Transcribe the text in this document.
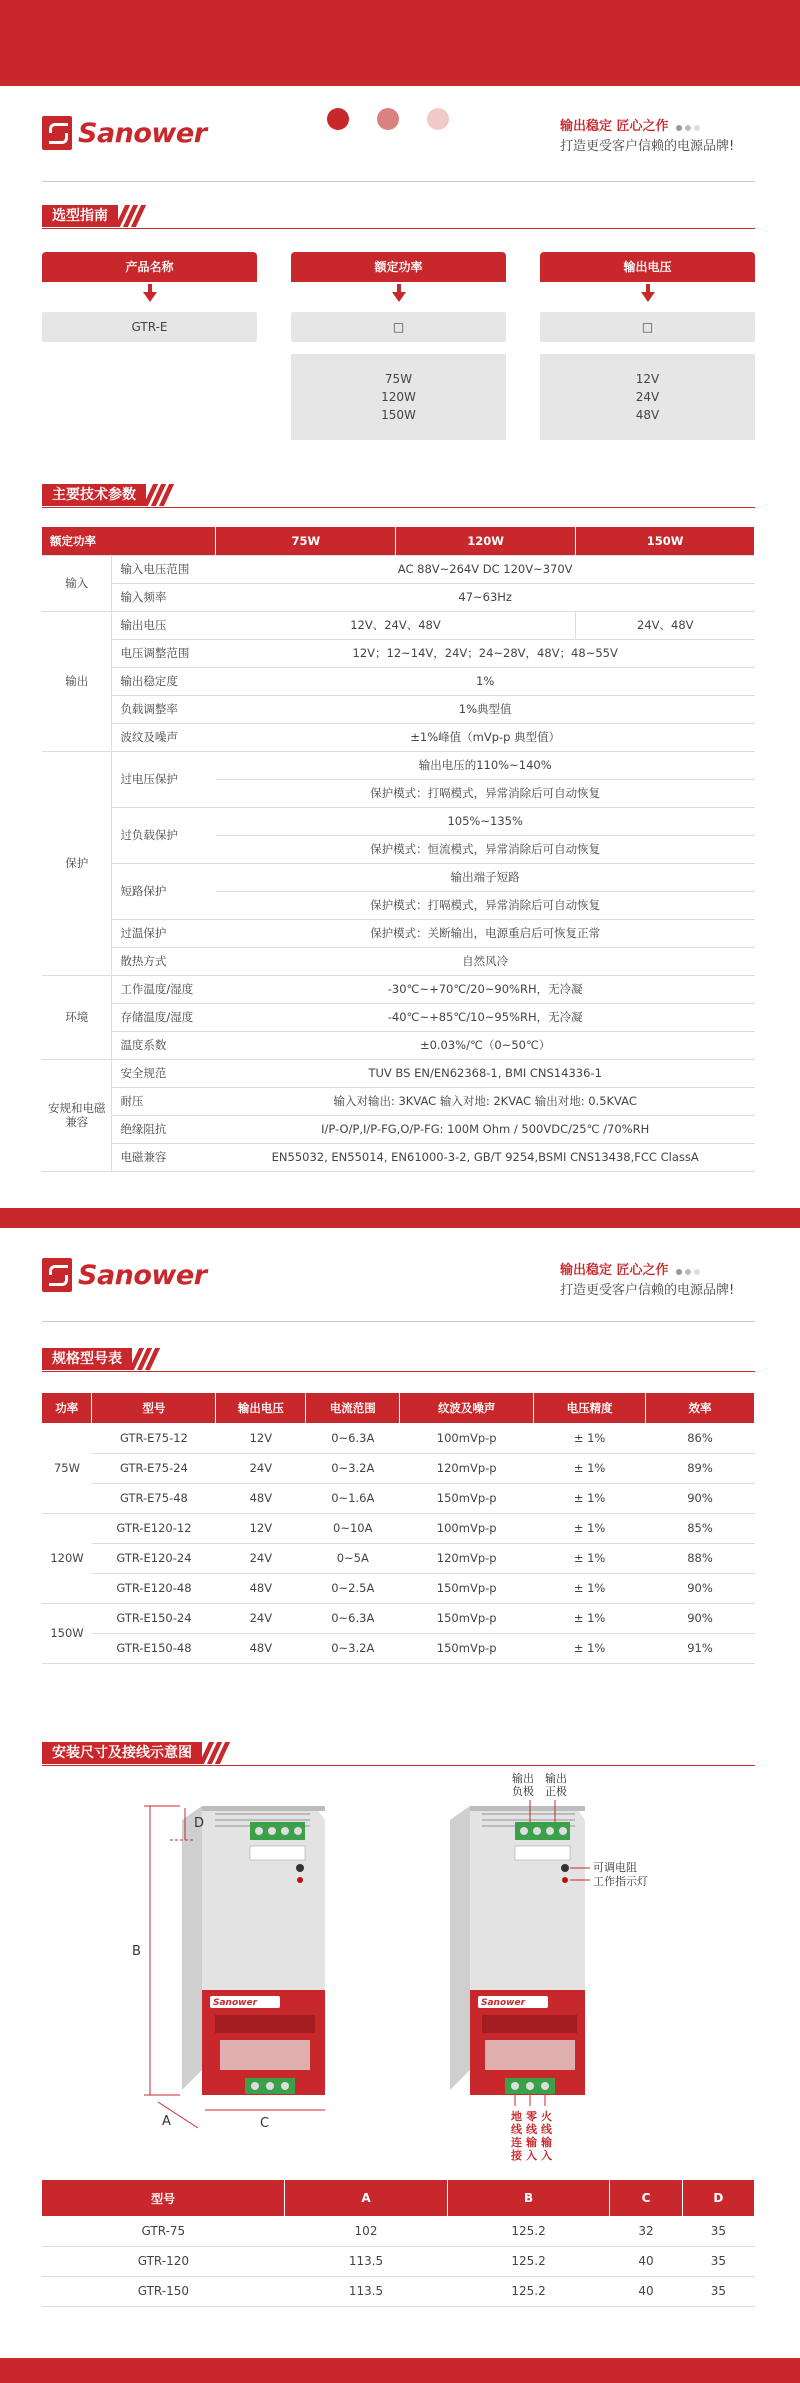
Sanower	输出稳定 匠心之作
打造更受客户信赖的电源品牌!
选型指南
产品名称
GTR-E
额定功率
□
75W
120W
150W
输出电压
□
12V
24V
48V
主要技术参数
额定功率		75W	120W	150W
输入	输入电压范围	AC 88V~264V DC 120V~370V		
	输入频率	47~63Hz		
输出	输出电压	12V、24V、48V		24V、48V
	电压调整范围	12V；12~14V，24V；24~28V，48V；48~55V		
	输出稳定度	1%		
	负载调整率	1%典型值		
	波纹及噪声	±1%峰值（mVp-p 典型值）		
保护	过电压保护	输出电压的110%~140%		
		保护模式：打嗝模式，异常消除后可自动恢复		
	过负载保护	105%~135%		
		保护模式：恒流模式，异常消除后可自动恢复		
	短路保护	输出端子短路		
		保护模式：打嗝模式，异常消除后可自动恢复		
	过温保护	保护模式：关断输出，电源重启后可恢复正常		
	散热方式	自然风冷		
环境	工作温度/湿度	-30℃~+70℃/20~90%RH，无冷凝		
	存储温度/湿度	-40℃~+85℃/10~95%RH，无冷凝		
	温度系数	±0.03%/℃（0~50℃）		
安规和电磁兼容	安全规范	TUV BS EN/EN62368-1, BMI CNS14336-1		
	耐压	输入对输出: 3KVAC 输入对地: 2KVAC 输出对地: 0.5KVAC		
	绝缘阻抗	I/P-O/P,I/P-FG,O/P-FG: 100M Ohm / 500VDC/25℃ /70%RH		
	电磁兼容	EN55032, EN55014, EN61000-3-2, GB/T 9254,BSMI CNS13438,FCC ClassA		
Sanower	输出稳定 匠心之作
打造更受客户信赖的电源品牌!
规格型号表
功率	型号	输出电压	电流范围	纹波及噪声	电压精度	效率
75W	GTR-E75-12	12V	0~6.3A	100mVp-p	± 1%	86%
	GTR-E75-24	24V	0~3.2A	120mVp-p	± 1%	89%
	GTR-E75-48	48V	0~1.6A	150mVp-p	± 1%	90%
120W	GTR-E120-12	12V	0~10A	100mVp-p	± 1%	85%
	GTR-E120-24	24V	0~5A	120mVp-p	± 1%	88%
	GTR-E120-48	48V	0~2.5A	150mVp-p	± 1%	90%
150W	GTR-E150-24	24V	0~6.3A	150mVp-p	± 1%	90%
	GTR-E150-48	48V	0~3.2A	150mVp-p	± 1%	91%
安装尺寸及接线示意图
Sanower
B
D
A	C
Sanower
输出负极
输出正极
可调电阻
工作指示灯
地线连接
零线输入
火线输入
型号	A	B	C	D
GTR-75	102	125.2	32	35
GTR-120	113.5	125.2	40	35
GTR-150	113.5	125.2	40	35
